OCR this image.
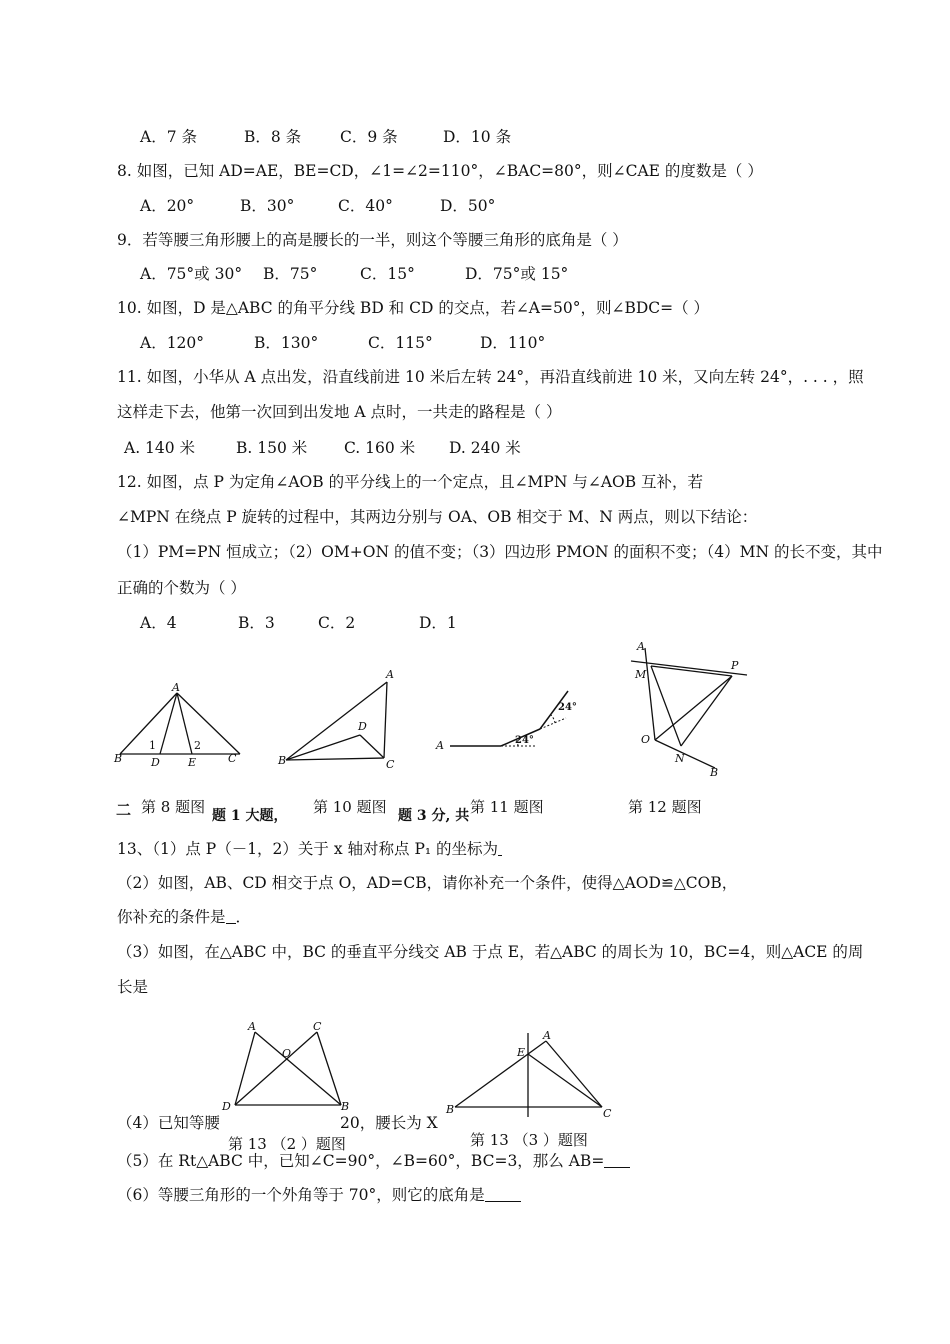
A．7 条	B．8 条	C．9 条	D．10 条
8. 如图，已知 AD=AE，BE=CD，∠1=∠2=110°，∠BAC=80°，则∠CAE 的度数是（ ）
A．20°	B．30°	C．40°	D．50°
9．若等腰三角形腰上的高是腰长的一半，则这个等腰三角形的底角是（ ）
A．75°或 30° B．75°	C．15°	D．75°或 15°
10. 如图，D 是△ABC 的角平分线 BD 和 CD 的交点，若∠A=50°，则∠BDC=（ ）
A．120°	B．130°	C．115°	D．110°
11. 如图，小华从 A 点出发，沿直线前进 10 米后左转 24°，再沿直线前进 10 米，又向左转 24°，. . . ，照
这样走下去，他第一次回到出发地 A 点时，一共走的路程是（ ）
A. 140 米	B. 150 米 C. 160 米 D. 240 米
12. 如图，点 P 为定角∠AOB 的平分线上的一个定点，且∠MPN 与∠AOB 互补，若
∠MPN 在绕点 P 旋转的过程中，其两边分别与 OA、OB 相交于 M、N 两点，则以下结论：
（1）PM=PN 恒成立；（2）OM+ON 的值不变；（3）四边形 PMON 的面积不变；（4）MN 的长不变，其中
正确的个数为（ ）
A．4	B．3	C．2	D．1
A
B	C
D	E
1	2
A
B	C
D
A	24°
24°
A
M
P
O
N
B
二 第 8 题图 题 1 大题， 第 10 题图 题 3 分, 共 第 11 题图	第 12 题图
13、（1）点 P（－1，2）关于 x 轴对称点 P₁ 的坐标为
（2）如图，AB、CD 相交于点 O，AD=CB，请你补充一个条件，使得△AOD≌△COB，
你补充的条件是 ．
（3）如图，在△ABC 中，BC 的垂直平分线交 AB 于点 E，若△ABC 的周长为 10，BC=4，则△ACE 的周
长是
A	C
O
D	B
E
A
B	C
（4）已知等腰	20，腰长为 X
第 13 （2 ）题图	第 13 （3 ）题图
（5）在 Rt△ABC 中，已知∠C=90°，∠B=60°，BC=3，那么 AB=
（6）等腰三角形的一个外角等于 70°，则它的底角是
